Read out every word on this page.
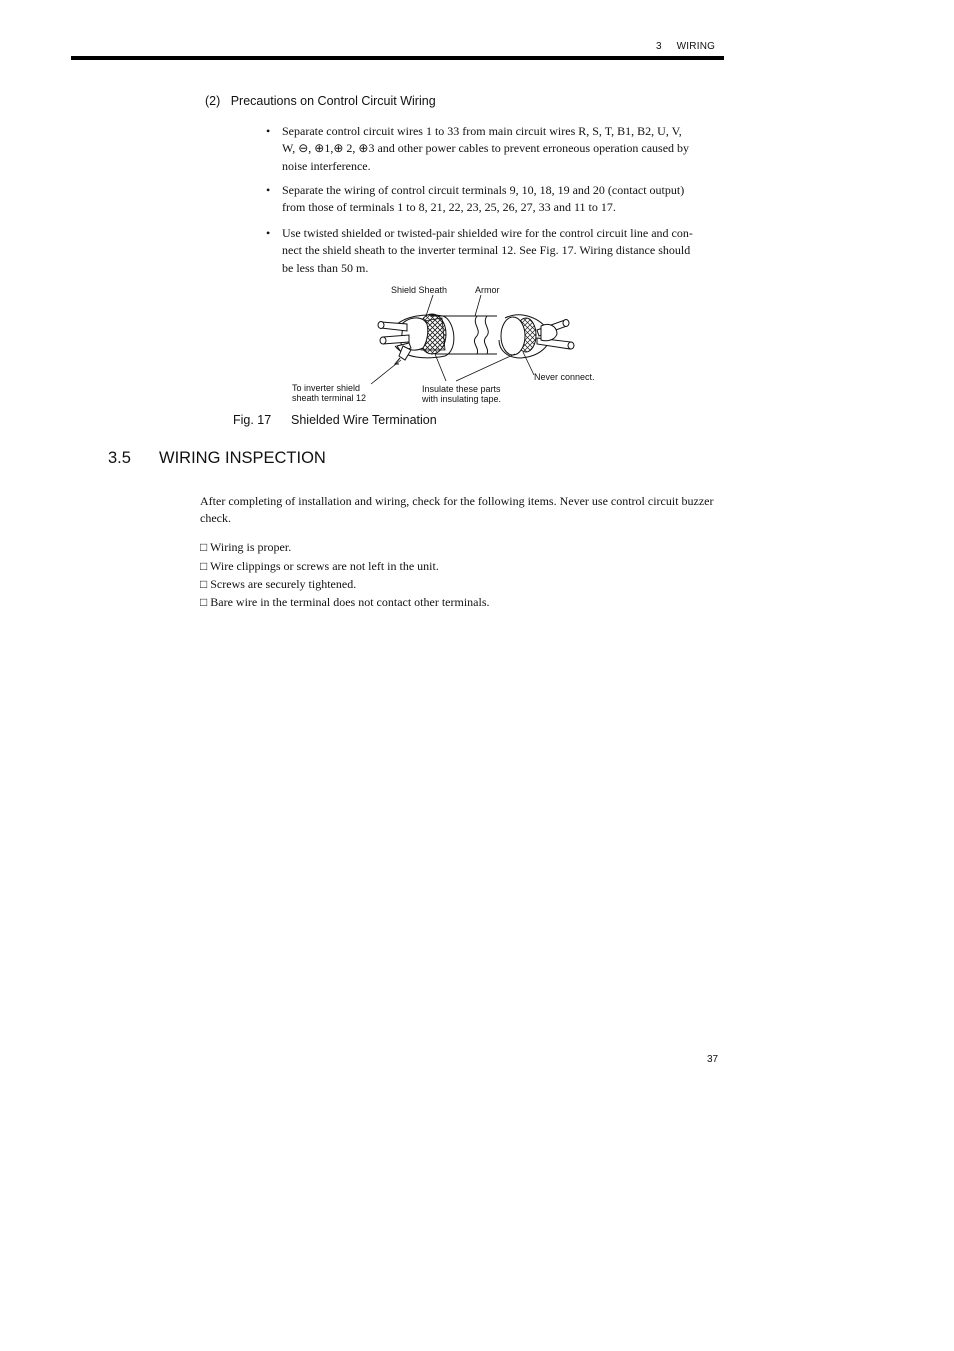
3 WIRING
(2) Precautions on Control Circuit Wiring
• Separate control circuit wires 1 to 33 from main circuit wires R, S, T, B1, B2, U, V,
W, ⊖, ⊕1,⊕ 2, ⊕3 and other power cables to prevent erroneous operation caused by
noise interference.
• Separate the wiring of control circuit terminals 9, 10, 18, 19 and 20 (contact output)
from those of terminals 1 to 8, 21, 22, 23, 25, 26, 27, 33 and 11 to 17.
• Use twisted shielded or twisted-pair shielded wire for the control circuit line and con-
nect the shield sheath to the inverter terminal 12. See Fig. 17. Wiring distance should
be less than 50 m.
Shield Sheath	Armor
Never connect.
To inverter shield
sheath terminal 12
Insulate these parts
with insulating tape.
Fig. 17 Shielded Wire Termination
3.5 WIRING INSPECTION
After completing of installation and wiring, check for the following items. Never use control circuit buzzer check.
□ Wiring is proper.
□ Wire clippings or screws are not left in the unit.
□ Screws are securely tightened.
□ Bare wire in the terminal does not contact other terminals.
37
